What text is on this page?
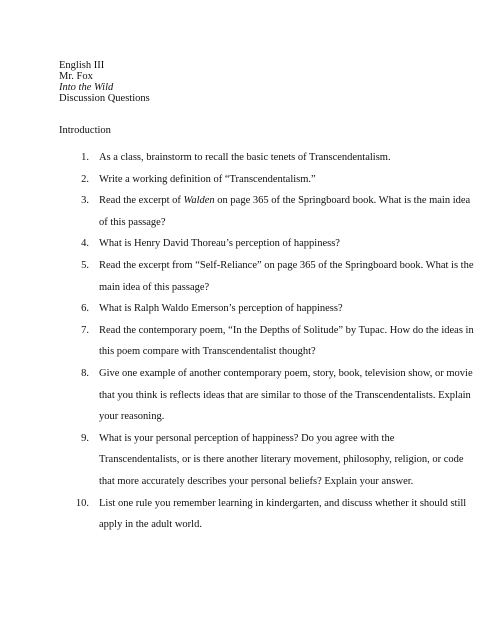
English III
Mr. Fox
Into the Wild
Discussion Questions
Introduction
1. As a class, brainstorm to recall the basic tenets of Transcendentalism.
2. Write a working definition of “Transcendentalism.”
3. Read the excerpt of Walden on page 365 of the Springboard book. What is the main idea
of this passage?
4. What is Henry David Thoreau’s perception of happiness?
5. Read the excerpt from “Self-Reliance” on page 365 of the Springboard book. What is the
main idea of this passage?
6. What is Ralph Waldo Emerson’s perception of happiness?
7. Read the contemporary poem, “In the Depths of Solitude” by Tupac. How do the ideas in
this poem compare with Transcendentalist thought?
8. Give one example of another contemporary poem, story, book, television show, or movie
that you think is reflects ideas that are similar to those of the Transcendentalists. Explain
your reasoning.
9. What is your personal perception of happiness? Do you agree with the
Transcendentalists, or is there another literary movement, philosophy, religion, or code
that more accurately describes your personal beliefs? Explain your answer.
10. List one rule you remember learning in kindergarten, and discuss whether it should still
apply in the adult world.
